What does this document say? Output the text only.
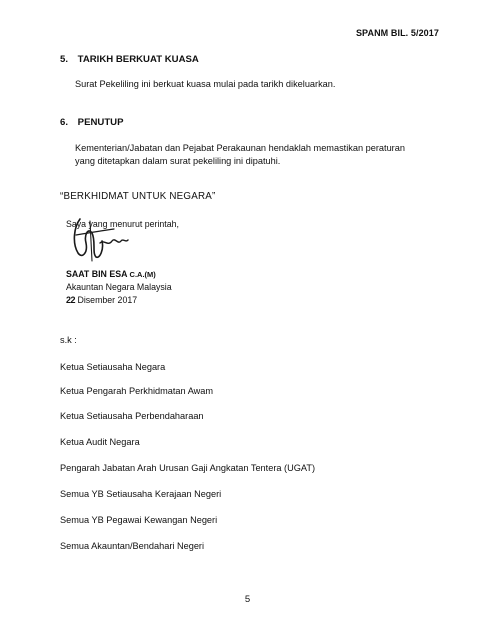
SPANM BIL. 5/2017
5. TARIKH BERKUAT KUASA
Surat Pekeliling ini berkuat kuasa mulai pada tarikh dikeluarkan.
6. PENUTUP
Kementerian/Jabatan dan Pejabat Perakaunan hendaklah memastikan peraturan
yang ditetapkan dalam surat pekeliling ini dipatuhi.
“BERKHIDMAT UNTUK NEGARA”
Saya yang menurut perintah,
SAAT BIN ESA C.A.(M)
Akauntan Negara Malaysia
22 Disember 2017
s.k :
Ketua Setiausaha Negara
Ketua Pengarah Perkhidmatan Awam
Ketua Setiausaha Perbendaharaan
Ketua Audit Negara
Pengarah Jabatan Arah Urusan Gaji Angkatan Tentera (UGAT)
Semua YB Setiausaha Kerajaan Negeri
Semua YB Pegawai Kewangan Negeri
Semua Akauntan/Bendahari Negeri
5
